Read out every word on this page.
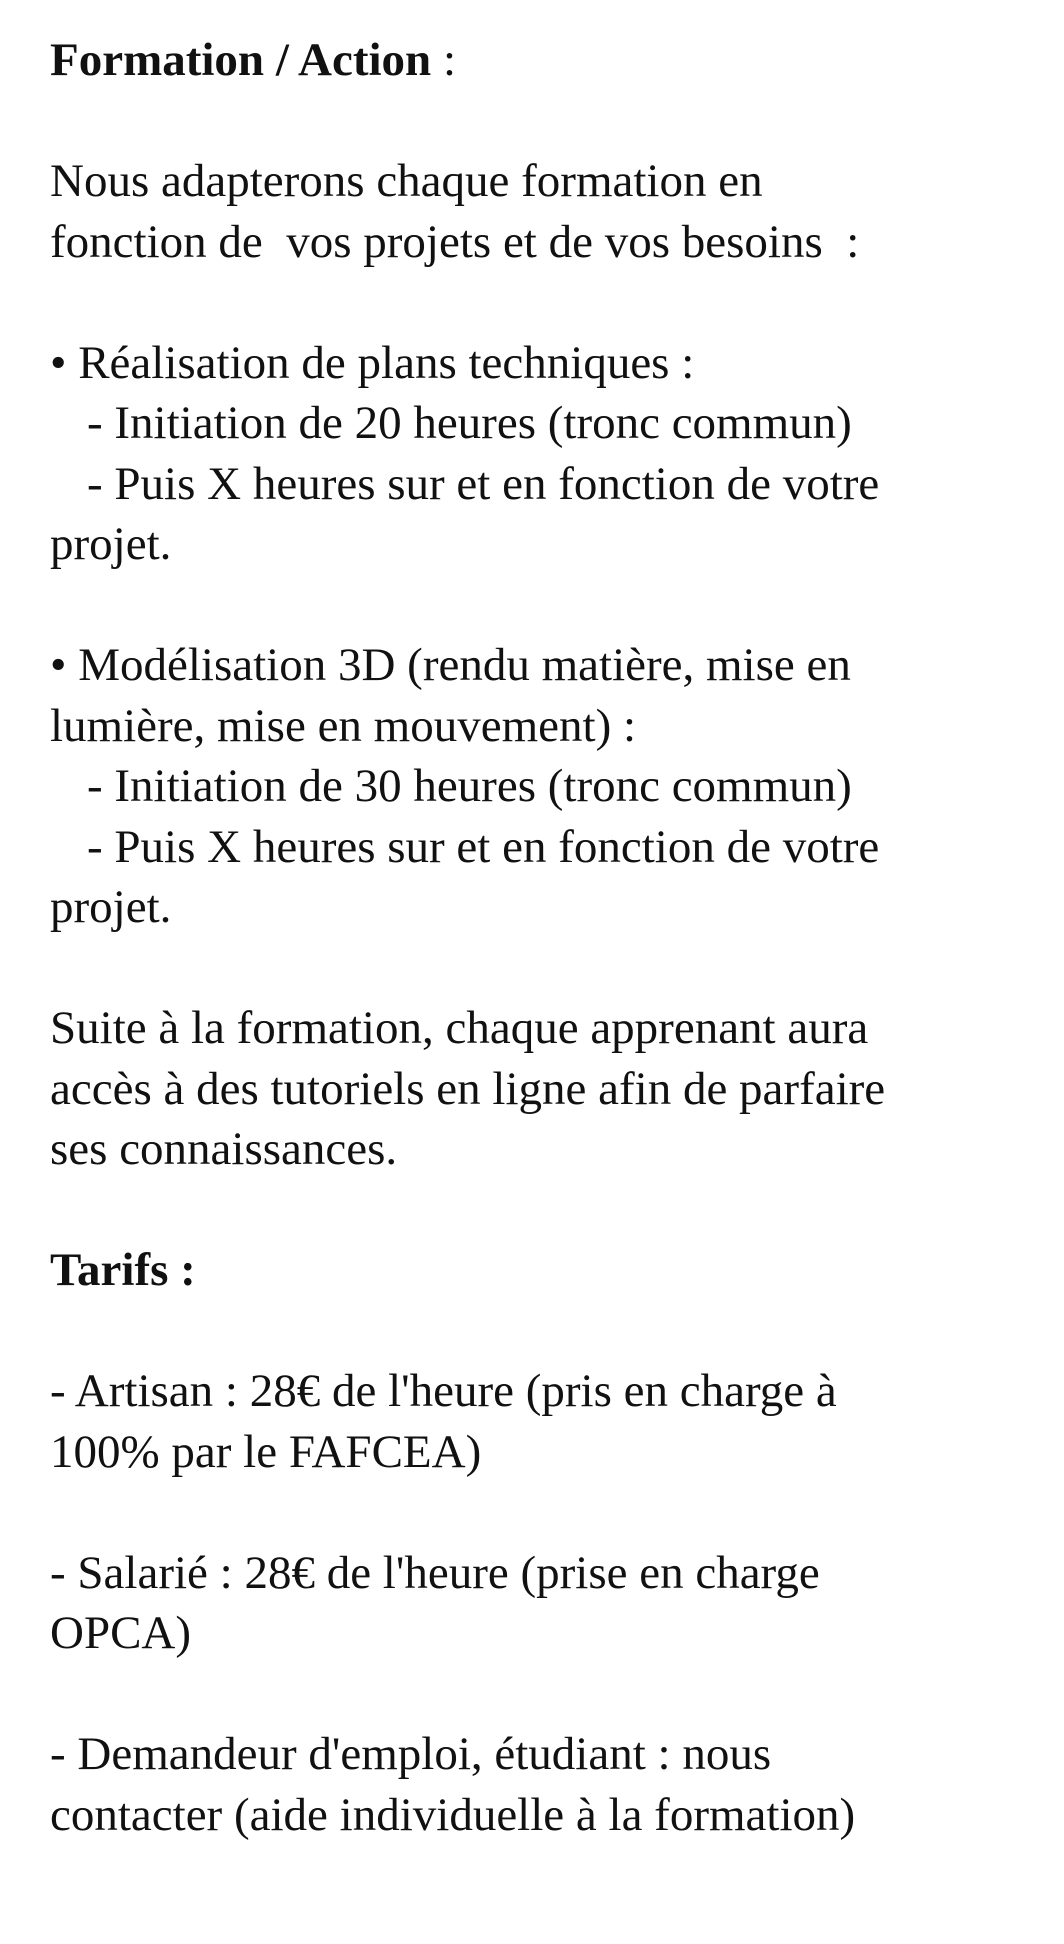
Formation / Action :
Nous adapterons chaque formation en
fonction de  vos projets et de vos besoins  :
• Réalisation de plans techniques :
- Initiation de 20 heures (tronc commun)
- Puis X heures sur et en fonction de votre
projet.
• Modélisation 3D (rendu matière, mise en
lumière, mise en mouvement) :
- Initiation de 30 heures (tronc commun)
- Puis X heures sur et en fonction de votre
projet.
Suite à la formation, chaque apprenant aura
accès à des tutoriels en ligne afin de parfaire
ses connaissances.
Tarifs :
- Artisan : 28€ de l'heure (pris en charge à
100% par le FAFCEA)
- Salarié : 28€ de l'heure (prise en charge
OPCA)
- Demandeur d'emploi, étudiant : nous
contacter (aide individuelle à la formation)
